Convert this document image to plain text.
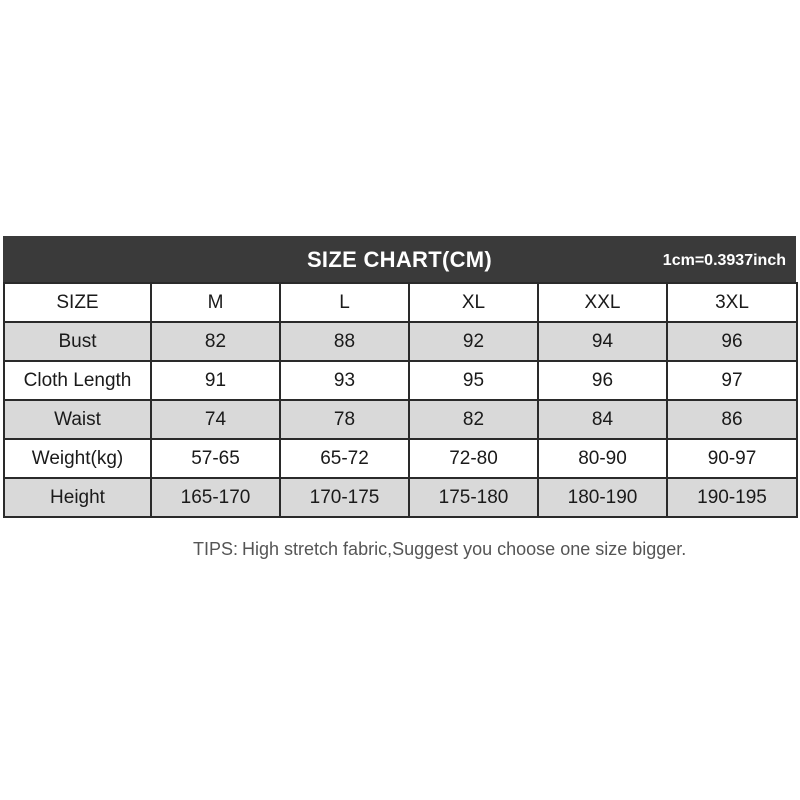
SIZE CHART(CM)	1cm=0.3937inch
SIZE	M	L	XL	XXL	3XL
Bust	82	88	92	94	96
Cloth Length	91	93	95	96	97
Waist	74	78	82	84	86
Weight(kg)	57-65	65-72	72-80	80-90	90-97
Height	165-170	170-175	175-180	180-190	190-195
TIPS: High stretch fabric,Suggest you choose one size bigger.
